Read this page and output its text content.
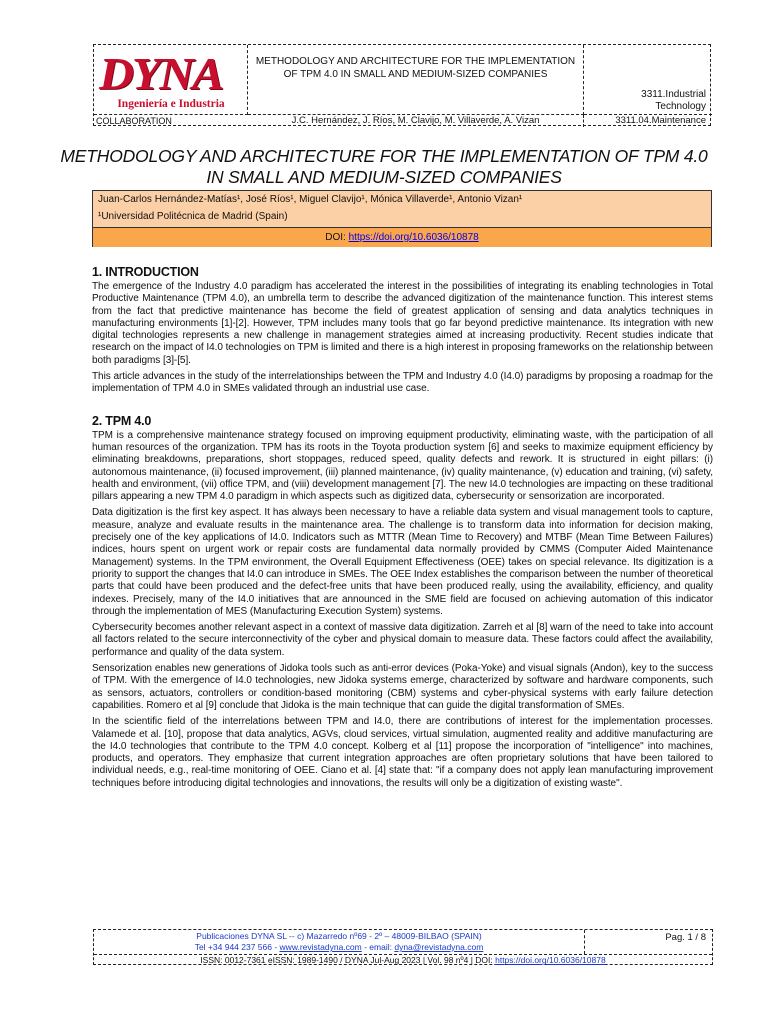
DYNA
Ingeniería e Industria
METHODOLOGY AND ARCHITECTURE FOR THE IMPLEMENTATION OF TPM 4.0 IN SMALL AND MEDIUM-SIZED COMPANIES
3311.Industrial
Technology
COLLABORATION	J.C. Hernández, J. Ríos, M. Clavijo, M. Villaverde, A. Vizan	3311.04.Maintenance
METHODOLOGY AND ARCHITECTURE FOR THE IMPLEMENTATION OF TPM 4.0 IN SMALL AND MEDIUM-SIZED COMPANIES
Juan-Carlos Hernández-Matías¹, José Ríos¹, Miguel Clavijo¹, Mónica Villaverde¹, Antonio Vizan¹
¹Universidad Politécnica de Madrid (Spain)
DOI: https://doi.org/10.6036/10878
1. INTRODUCTION

The emergence of the Industry 4.0 paradigm has accelerated the interest in the possibilities of integrating its enabling technologies in Total Productive Maintenance (TPM 4.0), an umbrella term to describe the advanced digitization of the maintenance function. This interest stems from the fact that predictive maintenance has become the field of greatest application of sensing and data analytics techniques in manufacturing environments [1]-[2]. However, TPM includes many tools that go far beyond predictive maintenance. Its integration with new digital technologies represents a new challenge in management strategies aimed at increasing productivity. Recent studies indicate that research on the impact of I4.0 technologies on TPM is limited and there is a high interest in proposing frameworks on the relationship between both paradigms [3]-[5].

This article advances in the study of the interrelationships between the TPM and Industry 4.0 (I4.0) paradigms by proposing a roadmap for the implementation of TPM 4.0 in SMEs validated through an industrial use case.

2. TPM 4.0

TPM is a comprehensive maintenance strategy focused on improving equipment productivity, eliminating waste, with the participation of all human resources of the organization. TPM has its roots in the Toyota production system [6] and seeks to maximize equipment efficiency by eliminating breakdowns, preparations, short stoppages, reduced speed, quality defects and rework. It is structured in eight pillars: (i) autonomous maintenance, (ii) focused improvement, (iii) planned maintenance, (iv) quality maintenance, (v) education and training, (vi) safety, health and environment, (vii) office TPM, and (viii) development management [7]. The new I4.0 technologies are impacting on these traditional pillars appearing a new TPM 4.0 paradigm in which aspects such as digitized data, cybersecurity or sensorization are incorporated.

Data digitization is the first key aspect. It has always been necessary to have a reliable data system and visual management tools to capture, measure, analyze and evaluate results in the maintenance area. The challenge is to transform data into information for decision making, precisely one of the key applications of I4.0. Indicators such as MTTR (Mean Time to Recovery) and MTBF (Mean Time Between Failures) indices, hours spent on urgent work or repair costs are fundamental data normally provided by CMMS (Computer Aided Maintenance Management) systems. In the TPM environment, the Overall Equipment Effectiveness (OEE) takes on special relevance. Its digitization is a priority to support the changes that I4.0 can introduce in SMEs. The OEE Index establishes the comparison between the number of theoretical parts that could have been produced and the defect-free units that have been produced really, using the availability, efficiency, and quality indexes. Precisely, many of the I4.0 initiatives that are announced in the SME field are focused on achieving automation of this indicator through the implementation of MES (Manufacturing Execution System) systems.

Cybersecurity becomes another relevant aspect in a context of massive data digitization. Zarreh et al [8] warn of the need to take into account all factors related to the secure interconnectivity of the cyber and physical domain to measure data. These factors could affect the availability, performance and quality of the data system.

Sensorization enables new generations of Jidoka tools such as anti-error devices (Poka-Yoke) and visual signals (Andon), key to the success of TPM. With the emergence of I4.0 technologies, new Jidoka systems emerge, characterized by software and hardware components, such as sensors, actuators, controllers or condition-based monitoring (CBM) systems and cyber-physical systems with early failure detection capabilities. Romero et al [9] conclude that Jidoka is the main technique that can guide the digital transformation of SMEs.

In the scientific field of the interrelations between TPM and I4.0, there are contributions of interest for the implementation processes. Valamede et al. [10], propose that data analytics, AGVs, cloud services, virtual simulation, augmented reality and additive manufacturing are the I4.0 technologies that contribute to the TPM 4.0 concept. Kolberg et al [11] propose the incorporation of "intelligence" into machines, products, and operators. They emphasize that current integration approaches are often proprietary solutions that have been tailored to individual needs, e.g., real-time monitoring of OEE. Ciano et al. [4] state that: "if a company does not apply lean manufacturing improvement techniques before introducing digital technologies and innovations, the results will only be a digitization of existing waste".

Publicaciones DYNA SL -- c) Mazarredo nº69 - 2º – 48009-BILBAO (SPAIN)
Tel +34 944 237 566 - www.revistadyna.com - email: dyna@revistadyna.com
Pag. 1 / 8
ISSN: 0012-7361 eISSN: 1989-1490 / DYNA Jul-Aug 2023 | Vol. 98 nº4 | DOI: https://doi.org/10.6036/10878
